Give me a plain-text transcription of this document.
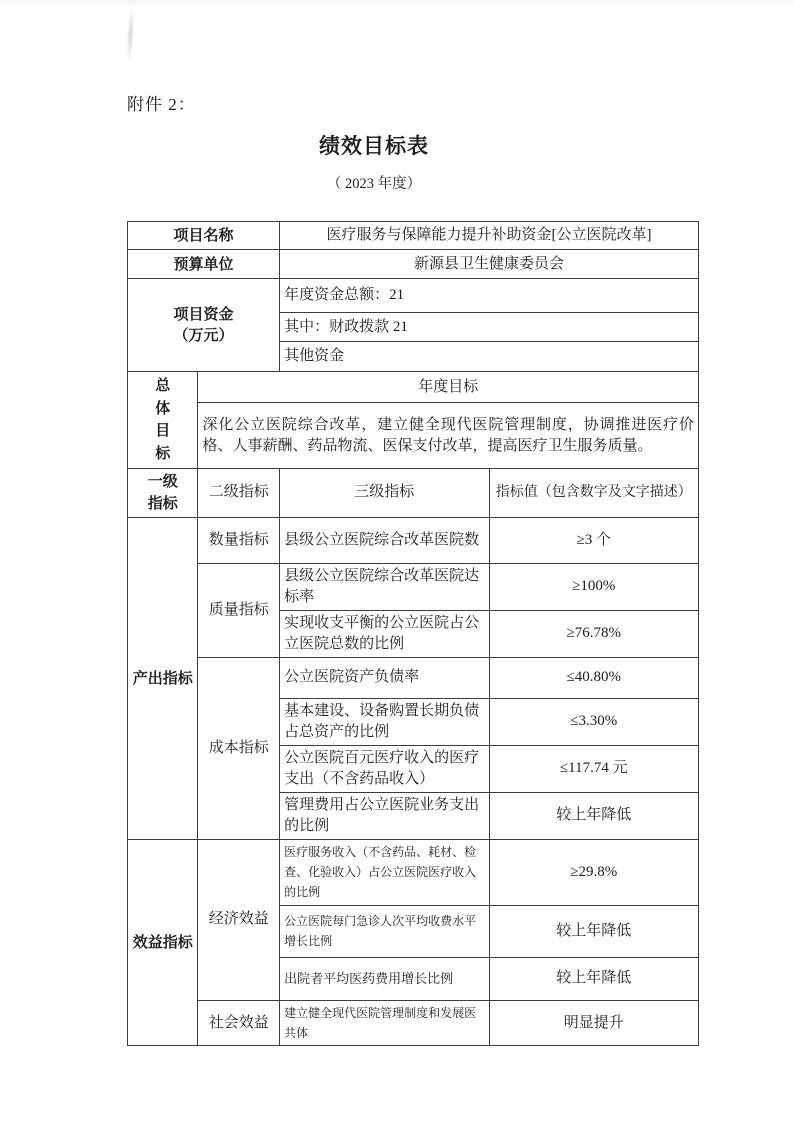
附件 2：
绩效目标表
（ 2023 年度）
项目名称		医疗服务与保障能力提升补助资金[公立医院改革]	
预算单位		新源县卫生健康委员会	

项目资金
（万元）		年度资金总额：21	
		其中：财政拨款 21	
		其他资金	
总体目标	年度目标		
	深化公立医院综合改革，建立健全现代医院管理制度，协调推进医疗价格、人事薪酬、药品物流、医保支付改革，提高医疗卫生服务质量。		
一级指标	二级指标	三级指标	指标值（包含数字及文字描述）
产出指标	数量指标	县级公立医院综合改革医院数	≥3 个
	质量指标	县级公立医院综合改革医院达标率	≥100%
		实现收支平衡的公立医院占公立医院总数的比例	≥76.78%
	成本指标	公立医院资产负债率	≤40.80%
		基本建设、设备购置长期负债占总资产的比例	≤3.30%
		公立医院百元医疗收入的医疗支出（不含药品收入）	≤117.74 元
		管理费用占公立医院业务支出的比例	较上年降低
效益指标	经济效益	医疗服务收入（不含药品、耗材、检查、化验收入）占公立医院医疗收入的比例	≥29.8%
		公立医院每门急诊人次平均收费水平增长比例	较上年降低
		出院者平均医药费用增长比例	较上年降低
	社会效益	建立健全现代医院管理制度和发展医共体	明显提升
